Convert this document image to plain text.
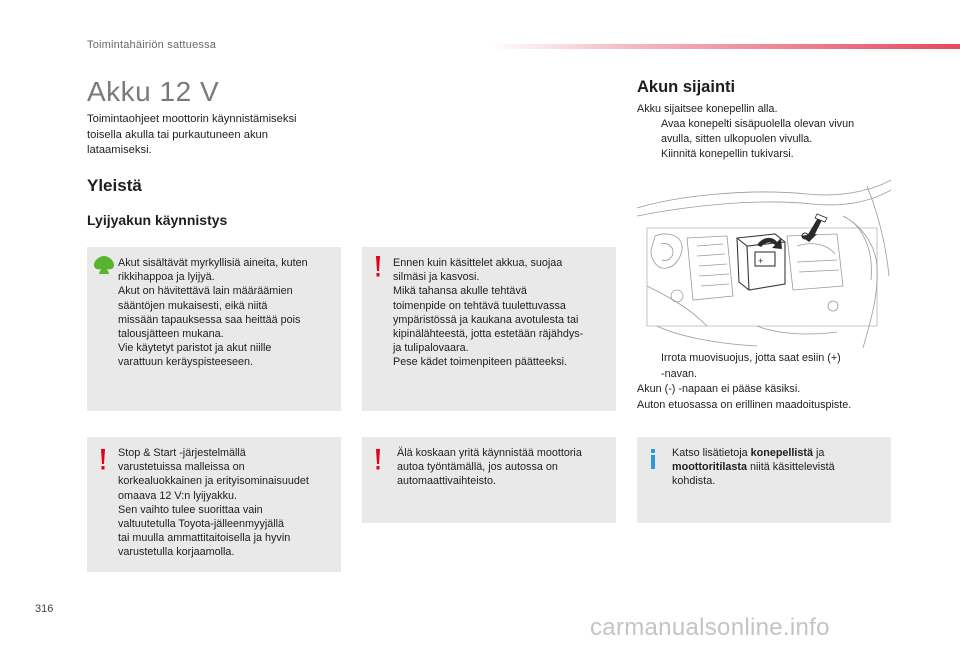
Toimintahäiriön sattuessa
Akku 12 V
Toimintaohjeet moottorin käynnistämiseksi toisella akulla tai purkautuneen akun lataamiseksi.
Yleistä
Lyijyakun käynnistys
Akut sisältävät myrkyllisiä aineita, kuten
rikkihappoa ja lyijyä.
Akut on hävitettävä lain määräämien
sääntöjen mukaisesti, eikä niitä
missään tapauksessa saa heittää pois
talousjätteen mukana.
Vie käytetyt paristot ja akut niille
varattuun keräyspisteeseen.
Ennen kuin käsittelet akkua, suojaa
silmäsi ja kasvosi.
Mikä tahansa akulle tehtävä
toimenpide on tehtävä tuulettuvassa
ympäristössä ja kaukana avotulesta tai
kipinälähteestä, jotta estetään räjähdys-
ja tulipalovaara.
Pese kädet toimenpiteen päätteeksi.
Stop & Start -järjestelmällä
varustetuissa malleissa on
korkealuokkainen ja erityisominaisuudet
omaava 12 V:n lyijyakku.
Sen vaihto tulee suorittaa vain
valtuutetulla Toyota-jälleenmyyjällä
tai muulla ammattitaitoisella ja hyvin
varustetulla korjaamolla.
Älä koskaan yritä käynnistää moottoria
autoa työntämällä, jos autossa on
automaattivaihteisto.
Katso lisätietoja konepellistä ja
moottoritilasta niitä käsittelevistä
kohdista.
Akun sijainti
Akku sijaitsee konepellin alla.
Avaa konepelti sisäpuolella olevan vivun
avulla, sitten ulkopuolen vivulla.
Kiinnitä konepellin tukivarsi.
+
Irrota muovisuojus, jotta saat esiin (+)
-navan.
Akun (-) -napaan ei pääse käsiksi.
Auton etuosassa on erillinen maadoituspiste.
316
carmanualsonline.info
